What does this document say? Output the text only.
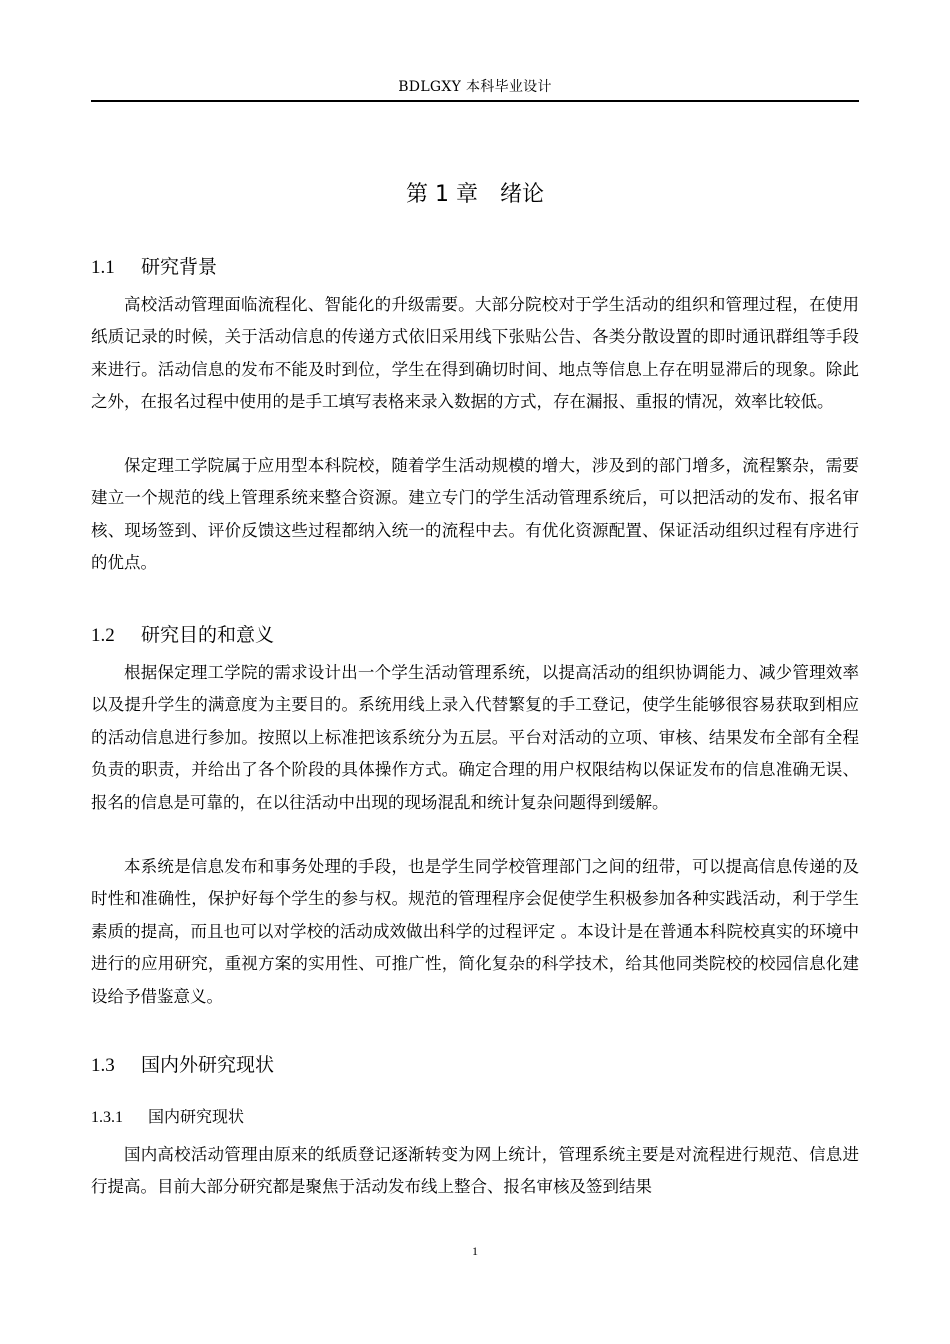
BDLGXY 本科毕业设计
第 1 章　绪论
1.1 研究背景

高校活动管理面临流程化、智能化的升级需要。大部分院校对于学生活动的组织和管理过程，在使用纸质记录的时候，关于活动信息的传递方式依旧采用线下张贴公告、各类分散设置的即时通讯群组等手段来进行。活动信息的发布不能及时到位，学生在得到确切时间、地点等信息上存在明显滞后的现象。除此之外，在报名过程中使用的是手工填写表格来录入数据的方式，存在漏报、重报的情况，效率比较低。

保定理工学院属于应用型本科院校，随着学生活动规模的增大，涉及到的部门增多，流程繁杂，需要建立一个规范的线上管理系统来整合资源。建立专门的学生活动管理系统后，可以把活动的发布、报名审核、现场签到、评价反馈这些过程都纳入统一的流程中去。有优化资源配置、保证活动组织过程有序进行的优点。

1.2 研究目的和意义

根据保定理工学院的需求设计出一个学生活动管理系统，以提高活动的组织协调能力、减少管理效率以及提升学生的满意度为主要目的。系统用线上录入代替繁复的手工登记，使学生能够很容易获取到相应的活动信息进行参加。按照以上标准把该系统分为五层。平台对活动的立项、审核、结果发布全部有全程负责的职责，并给出了各个阶段的具体操作方式。确定合理的用户权限结构以保证发布的信息准确无误、报名的信息是可靠的，在以往活动中出现的现场混乱和统计复杂问题得到缓解。

本系统是信息发布和事务处理的手段，也是学生同学校管理部门之间的纽带，可以提高信息传递的及时性和准确性，保护好每个学生的参与权。规范的管理程序会促使学生积极参加各种实践活动，利于学生素质的提高，而且也可以对学校的活动成效做出科学的过程评定 。本设计是在普通本科院校真实的环境中进行的应用研究，重视方案的实用性、可推广性，简化复杂的科学技术，给其他同类院校的校园信息化建设给予借鉴意义。

1.3 国内外研究现状
1.3.1 国内研究现状

国内高校活动管理由原来的纸质登记逐渐转变为网上统计，管理系统主要是对流程进行规范、信息进行提高。目前大部分研究都是聚焦于活动发布线上整合、报名审核及签到结果

1
